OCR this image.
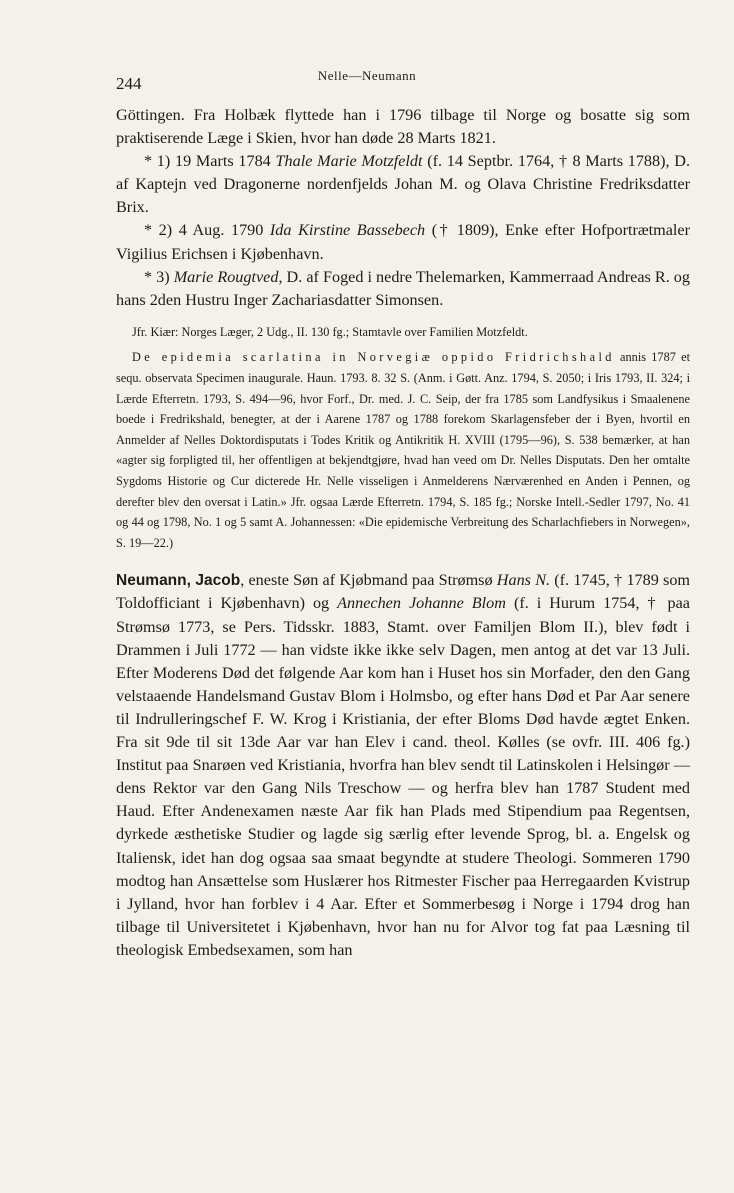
244	Nelle—Neumann

Göttingen. Fra Holbæk flyttede han i 1796 tilbage til Norge og bosatte sig som praktiserende Læge i Skien, hvor han døde 28 Marts 1821.

* 1) 19 Marts 1784 Thale Marie Motzfeldt (f. 14 Septbr. 1764, † 8 Marts 1788), D. af Kaptejn ved Dragonerne nordenfjelds Johan M. og Olava Christine Fredriksdatter Brix.

* 2) 4 Aug. 1790 Ida Kirstine Bassebech († 1809), Enke efter Hofportrætmaler Vigilius Erichsen i Kjøbenhavn.

* 3) Marie Rougtved, D. af Foged i nedre Thelemarken, Kammerraad Andreas R. og hans 2den Hustru Inger Zachariasdatter Simonsen.

Jfr. Kiær: Norges Læger, 2 Udg., II. 130 fg.; Stamtavle over Familien Motzfeldt.

De epidemia scarlatina in Norvegiæ oppido Fridrichshald annis 1787 et sequ. observata Specimen inaugurale. Haun. 1793. 8. 32 S. (Anm. i Gøtt. Anz. 1794, S. 2050; i Iris 1793, II. 324; i Lærde Efterretn. 1793, S. 494—96, hvor Forf., Dr. med. J. C. Seip, der fra 1785 som Landfysikus i Smaalenene boede i Fredrikshald, benegter, at der i Aarene 1787 og 1788 forekom Skarlagensfeber der i Byen, hvortil en Anmelder af Nelles Doktordisputats i Todes Kritik og Antikritik H. XVIII (1795—96), S. 538 bemærker, at han «agter sig forpligted til, her offentligen at bekjendtgjøre, hvad han veed om Dr. Nelles Disputats. Den her omtalte Sygdoms Historie og Cur dicterede Hr. Nelle visseligen i Anmelderens Nærværenhed en Anden i Pennen, og derefter blev den oversat i Latin.» Jfr. ogsaa Lærde Efterretn. 1794, S. 185 fg.; Norske Intell.-Sedler 1797, No. 41 og 44 og 1798, No. 1 og 5 samt A. Johannessen: «Die epidemische Verbreitung des Scharlachfiebers in Norwegen», S. 19—22.)

Neumann, Jacob, eneste Søn af Kjøbmand paa Strømsø Hans N. (f. 1745, † 1789 som Toldofficiant i Kjøbenhavn) og Annechen Johanne Blom (f. i Hurum 1754, † paa Strømsø 1773, se Pers. Tidsskr. 1883, Stamt. over Familjen Blom II.), blev født i Drammen i Juli 1772 — han vidste ikke ikke selv Dagen, men antog at det var 13 Juli. Efter Moderens Død det følgende Aar kom han i Huset hos sin Morfader, den den Gang velstaaende Handelsmand Gustav Blom i Holmsbo, og efter hans Død et Par Aar senere til Indrulleringschef F. W. Krog i Kristiania, der efter Bloms Død havde ægtet Enken. Fra sit 9de til sit 13de Aar var han Elev i cand. theol. Kølles (se ovfr. III. 406 fg.) Institut paa Snarøen ved Kristiania, hvorfra han blev sendt til Latinskolen i Helsingør — dens Rektor var den Gang Nils Treschow — og herfra blev han 1787 Student med Haud. Efter Andenexamen næste Aar fik han Plads med Stipendium paa Regentsen, dyrkede æsthetiske Studier og lagde sig særlig efter levende Sprog, bl. a. Engelsk og Italiensk, idet han dog ogsaa saa smaat begyndte at studere Theologi. Sommeren 1790 modtog han Ansættelse som Huslærer hos Ritmester Fischer paa Herregaarden Kvistrup i Jylland, hvor han forblev i 4 Aar. Efter et Sommerbesøg i Norge i 1794 drog han tilbage til Universitetet i Kjøbenhavn, hvor han nu for Alvor tog fat paa Læsning til theologisk Embedsexamen, som han
